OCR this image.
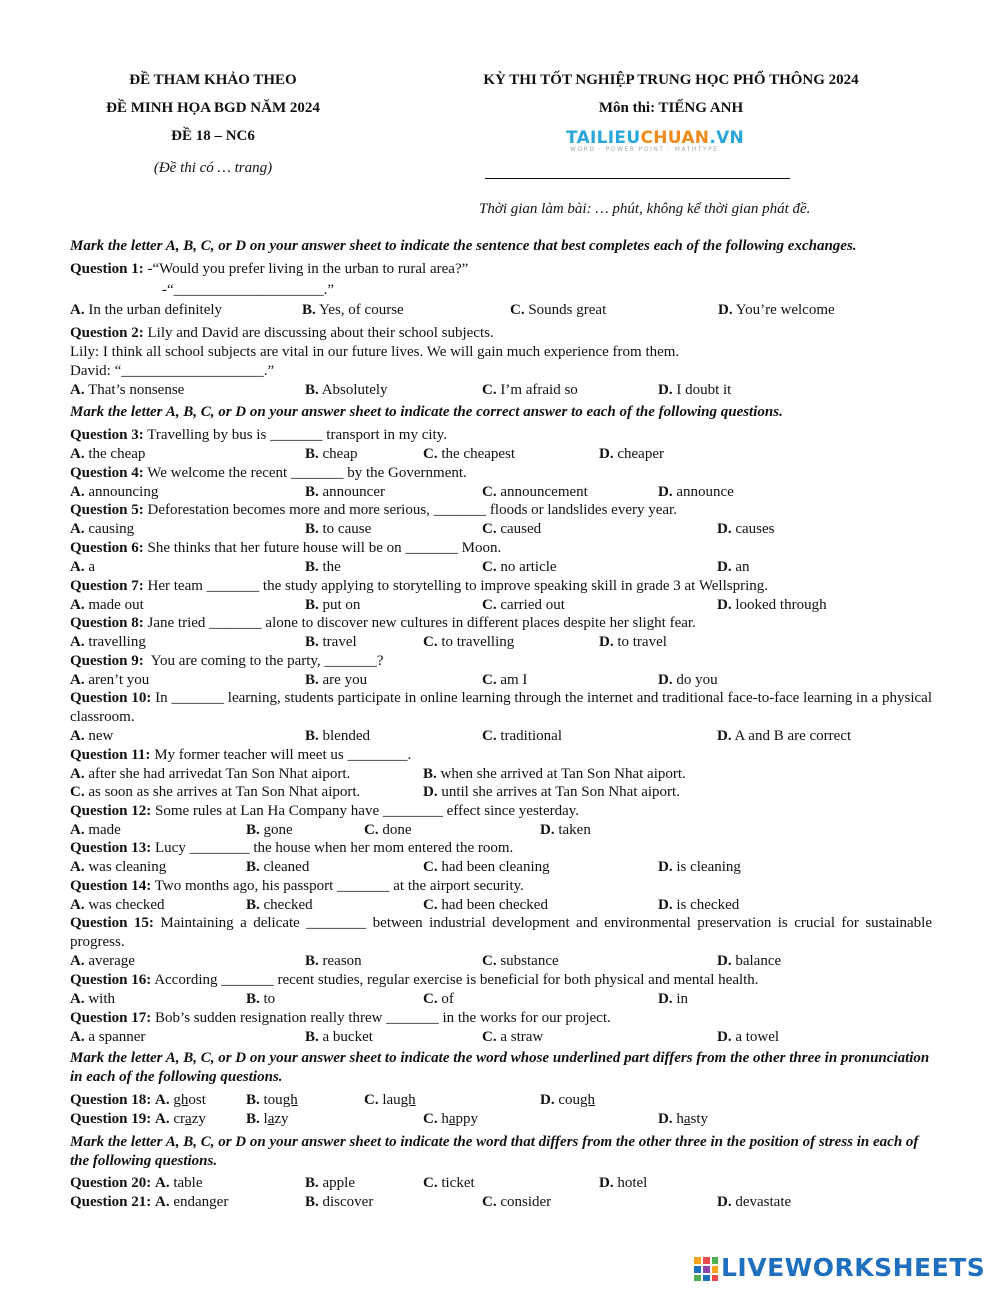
ĐỀ THAM KHẢO THEO
ĐỀ MINH HỌA BGD NĂM 2024
ĐỀ 18 – NC6
(Đề thi có … trang)
KỲ THI TỐT NGHIỆP TRUNG HỌC PHỔ THÔNG 2024
Môn thi: TIẾNG ANH
TAILIEUCHUAN.VN
WORD · POWER POINT · MATHTYPE
Thời gian làm bài: … phút, không kể thời gian phát đề.
Mark the letter A, B, C, or D on your answer sheet to indicate the sentence that best completes each of the following exchanges.
Question 1: -“Would you prefer living in the urban to rural area?”
-“____________________.”
A. In the urban definitely	B. Yes, of course	C. Sounds great	D. You’re welcome
Question 2: Lily and David are discussing about their school subjects.
Lily: I think all school subjects are vital in our future lives. We will gain much experience from them.
David: “___________________.”
A. That’s nonsense	B. Absolutely	C. I’m afraid so	D. I doubt it
Mark the letter A, B, C, or D on your answer sheet to indicate the correct answer to each of the following questions.
Question 3: Travelling by bus is _______ transport in my city.
A. the cheap	B. cheap	C. the cheapest	D. cheaper
Question 4: We welcome the recent _______ by the Government.
A. announcing	B. announcer	C. announcement	D. announce
Question 5: Deforestation becomes more and more serious, _______ floods or landslides every year.
A. causing	B. to cause	C. caused	D. causes
Question 6: She thinks that her future house will be on _______ Moon.
A. a	B. the	C. no article	D. an
Question 7: Her team _______ the study applying to storytelling to improve speaking skill in grade 3 at Wellspring.
A. made out	B. put on	C. carried out	D. looked through
Question 8: Jane tried _______ alone to discover new cultures in different places despite her slight fear.
A. travelling	B. travel	C. to travelling	D. to travel
Question 9:  You are coming to the party, _______?
A. aren’t you	B. are you	C. am I	D. do you
Question 10: In _______ learning, students participate in online learning through the internet and traditional face-to-face learning in a physical classroom.
A. new	B. blended	C. traditional	D. A and B are correct
Question 11: My former teacher will meet us ________.
A. after she had arrivedat Tan Son Nhat aiport.	B. when she arrived at Tan Son Nhat aiport.
C. as soon as she arrives at Tan Son Nhat aiport.	D. until she arrives at Tan Son Nhat aiport.
Question 12: Some rules at Lan Ha Company have ________ effect since yesterday.
A. made	B. gone	C. done	D. taken
Question 13: Lucy ________ the house when her mom entered the room.
A. was cleaning	B. cleaned	C. had been cleaning	D. is cleaning
Question 14: Two months ago, his passport _______ at the airport security.
A. was checked	B. checked	C. had been checked	D. is checked
Question 15: Maintaining a delicate ________ between industrial development and environmental preservation is crucial for sustainable progress.
A. average	B. reason	C. substance	D. balance
Question 16: According _______ recent studies, regular exercise is beneficial for both physical and mental health.
A. with	B. to	C. of	D. in
Question 17: Bob’s sudden resignation really threw _______ in the works for our project.
A. a spanner	B. a bucket	C. a straw	D. a towel
Mark the letter A, B, C, or D on your answer sheet to indicate the word whose underlined part differs from the other three in pronunciation in each of the following questions.
Question 18: A. ghost	B. tough	C. laugh	D. cough
Question 19: A. crazy	B. lazy	C. happy	D. hasty
Mark the letter A, B, C, or D on your answer sheet to indicate the word that differs from the other three in the position of stress in each of the following questions.
Question 20: A. table	B. apple	C. ticket	D. hotel
Question 21: A. endanger	B. discover	C. consider	D. devastate
LIVEWORKSHEETS
